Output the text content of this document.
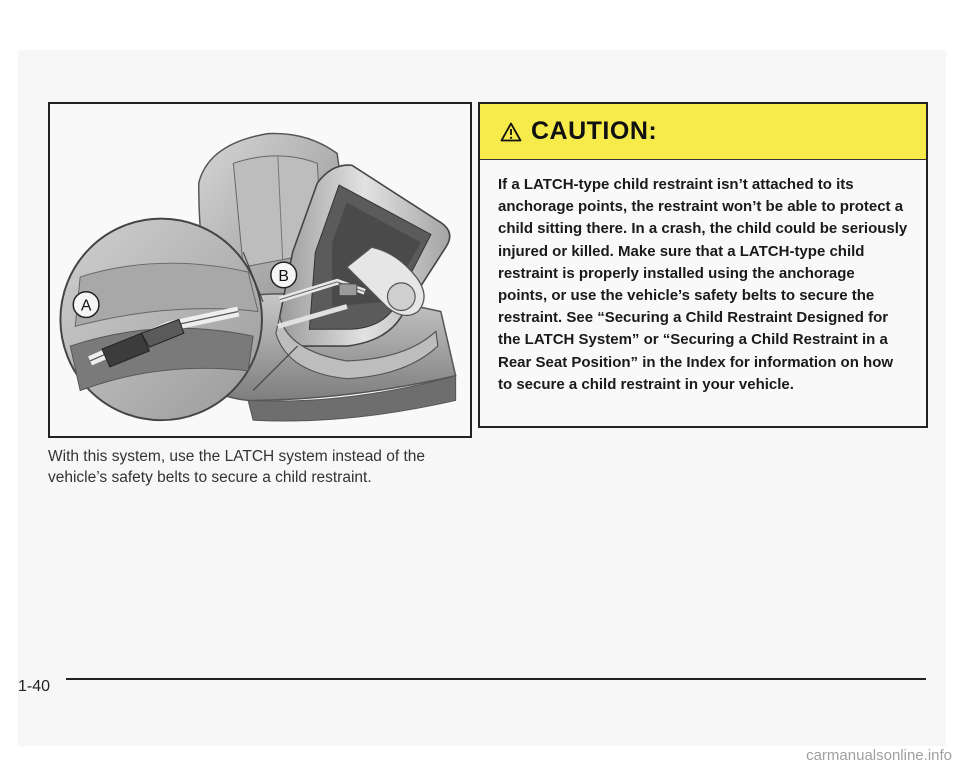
A
B
With this system, use the LATCH system instead of the vehicle’s safety belts to secure a child restraint.
CAUTION:
If a LATCH-type child restraint isn’t attached to its anchorage points, the restraint won’t be able to protect a child sitting there. In a crash, the child could be seriously injured or killed. Make sure that a LATCH-type child restraint is properly installed using the anchorage points, or use the vehicle’s safety belts to secure the restraint. See “Securing a Child Restraint Designed for the LATCH System” or “Securing a Child Restraint in a Rear Seat Position” in the Index for information on how to secure a child restraint in your vehicle.
1-40
carmanualsonline.info
